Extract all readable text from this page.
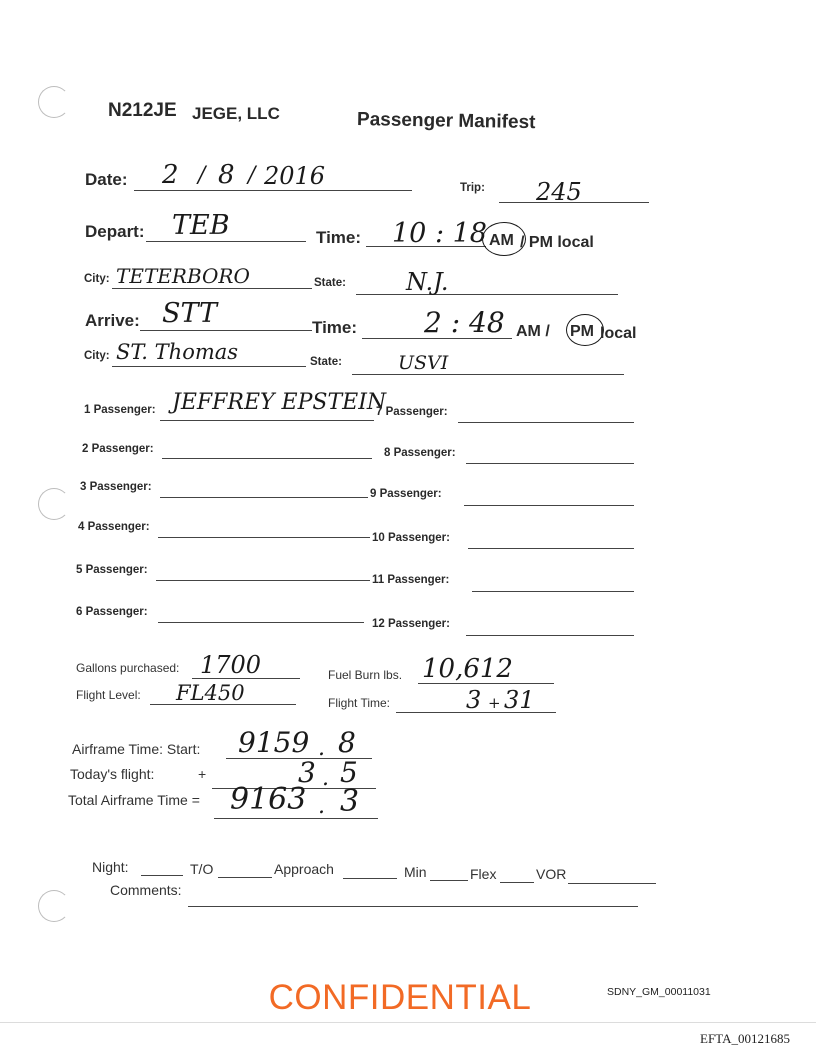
N212JE JEGE, LLC	Passenger Manifest
Date: 2 / 8 / 2016	Trip: 245
Depart: TEB	Time: 10 : 18 AM / PM local
City: TETERBORO	State:	N.J.
Arrive: STT	Time: 2 : 48 AM / PM local
City: ST. Thomas	State:	USVI
1 Passenger: JEFFREY EPSTEIN
2 Passenger:
3 Passenger:
4 Passenger:
5 Passenger:
6 Passenger:
7 Passenger:
8 Passenger:
9 Passenger:
10 Passenger:
11 Passenger:
12 Passenger:
Gallons purchased: 1700	Fuel Burn lbs. 10,612
Flight Level: FL450	Flight Time:	3 + 31
Airframe Time: Start: 9159 . 8
Today's flight:	+	3 . 5
Total Airframe Time = 9163 . 3
Night:	T/O	Approach	Min	Flex	VOR
Comments:
CONFIDENTIAL	SDNY_GM_00011031
EFTA_00121685
